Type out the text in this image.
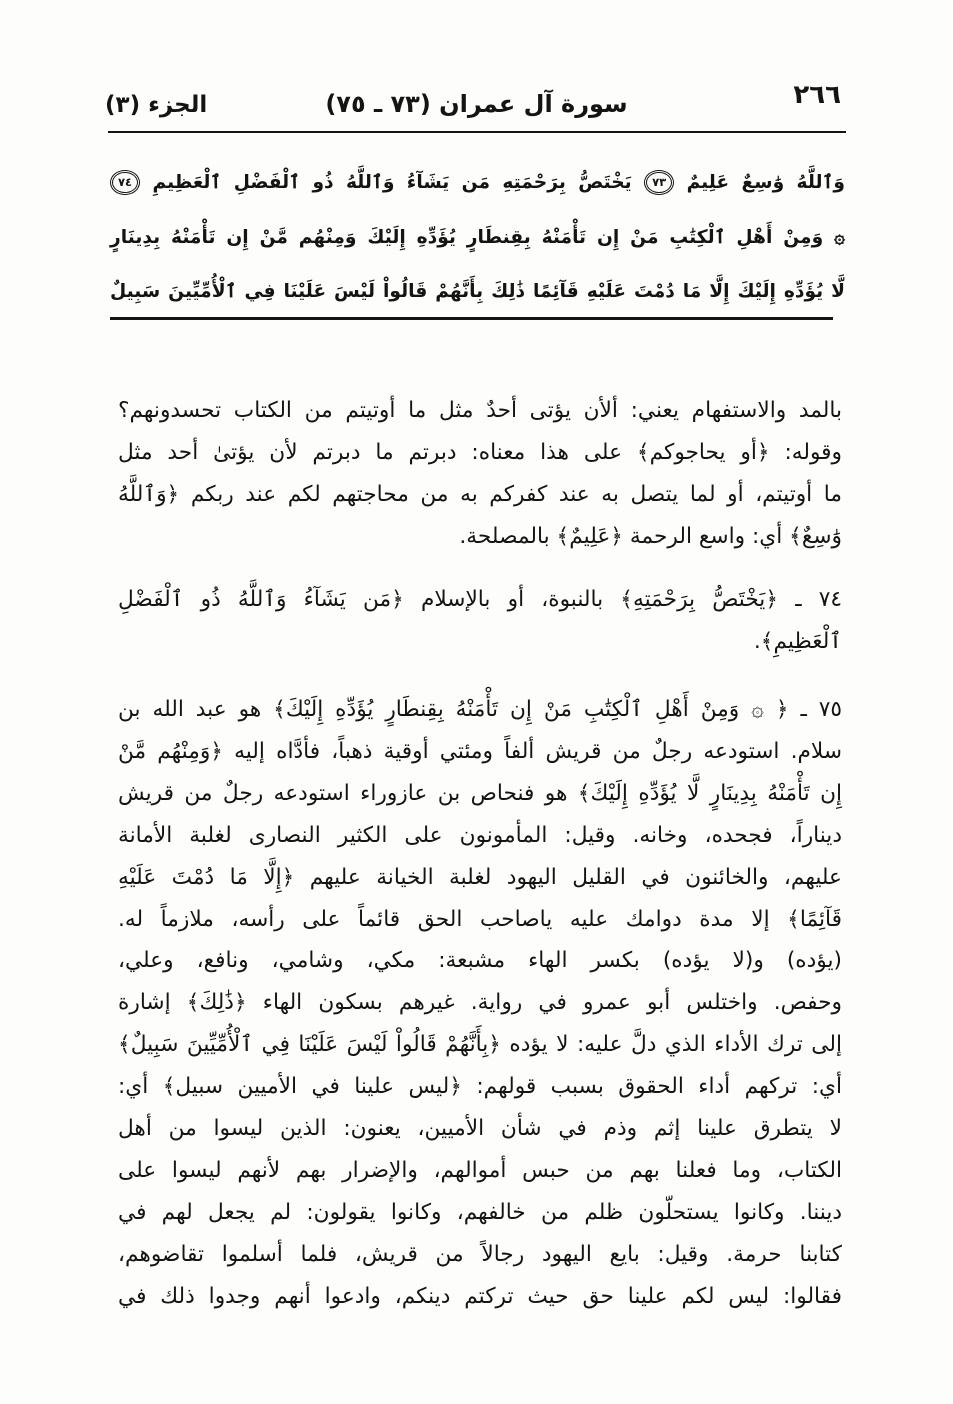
٢٦٦
سورة آل عمران (٧٣ ـ ٧٥)
الجزء (٣)
وَٱللَّهُ وَٰسِعٌ عَلِيمٌ ٧٣ يَخْتَصُّ بِرَحْمَتِهِ مَن يَشَآءُ وَٱللَّهُ ذُو ٱلْفَضْلِ ٱلْعَظِيمِ ٧٤
۞ وَمِنْ أَهْلِ ٱلْكِتَٰبِ مَنْ إِن تَأْمَنْهُ بِقِنطَارٍ يُؤَدِّهِ إِلَيْكَ وَمِنْهُم مَّنْ إِن تَأْمَنْهُ بِدِينَارٍ
لَّا يُؤَدِّهِ إِلَيْكَ إِلَّا مَا دُمْتَ عَلَيْهِ قَآئِمًا ذَٰلِكَ بِأَنَّهُمْ قَالُواْ لَيْسَ عَلَيْنَا فِي ٱلْأُمِّيِّينَ سَبِيلٌ
بالمد والاستفهام يعني: ألأن يؤتى أحدٌ مثل ما أوتيتم من الكتاب تحسدونهم؟
وقوله: ﴿أو يحاجوكم﴾ على هذا معناه: دبرتم ما دبرتم لأن يؤتىٰ أحد مثل
ما أوتيتم، أو لما يتصل به عند كفركم به من محاجتهم لكم عند ربكم ﴿وَٱللَّهُ
وَٰسِعٌ﴾ أي: واسع الرحمة ﴿عَلِيمٌ﴾ بالمصلحة.
٧٤ ـ ﴿يَخْتَصُّ بِرَحْمَتِهِ﴾ بالنبوة، أو بالإسلام ﴿مَن يَشَآءُ وَٱللَّهُ ذُو ٱلْفَضْلِ
ٱلْعَظِيمِ﴾.
٧٥ ـ ﴿ ۞ وَمِنْ أَهْلِ ٱلْكِتَٰبِ مَنْ إِن تَأْمَنْهُ بِقِنطَارٍ يُؤَدِّهِ إِلَيْكَ﴾ هو عبد الله بن
سلام. استودعه رجلٌ من قريش ألفاً ومئتي أوقية ذهباً، فأدَّاه إليه ﴿وَمِنْهُم مَّنْ
إِن تَأْمَنْهُ بِدِينَارٍ لَّا يُؤَدِّهِ إِلَيْكَ﴾ هو فنحاص بن عازوراء استودعه رجلٌ من قريش
ديناراً، فجحده، وخانه. وقيل: المأمونون على الكثير النصارى لغلبة الأمانة
عليهم، والخائنون في القليل اليهود لغلبة الخيانة عليهم ﴿إِلَّا مَا دُمْتَ عَلَيْهِ
قَآئِمًا﴾ إلا مدة دوامك عليه ياصاحب الحق قائماً على رأسه، ملازماً له.
(يؤده) و(لا يؤده) بكسر الهاء مشبعة: مكي، وشامي، ونافع، وعلي،
وحفص. واختلس أبو عمرو في رواية. غيرهم بسكون الهاء ﴿ذَٰلِكَ﴾ إشارة
إلى ترك الأداء الذي دلَّ عليه: لا يؤده ﴿بِأَنَّهُمْ قَالُواْ لَيْسَ عَلَيْنَا فِي ٱلْأُمِّيِّينَ سَبِيلٌ﴾
أي: تركهم أداء الحقوق بسبب قولهم: ﴿ليس علينا في الأميين سبيل﴾ أي:
لا يتطرق علينا إثم وذم في شأن الأميين، يعنون: الذين ليسوا من أهل
الكتاب، وما فعلنا بهم من حبس أموالهم، والإضرار بهم لأنهم ليسوا على
ديننا. وكانوا يستحلّون ظلم من خالفهم، وكانوا يقولون: لم يجعل لهم في
كتابنا حرمة. وقيل: بايع اليهود رجالاً من قريش، فلما أسلموا تقاضوهم،
فقالوا: ليس لكم علينا حق حيث تركتم دينكم، وادعوا أنهم وجدوا ذلك في
